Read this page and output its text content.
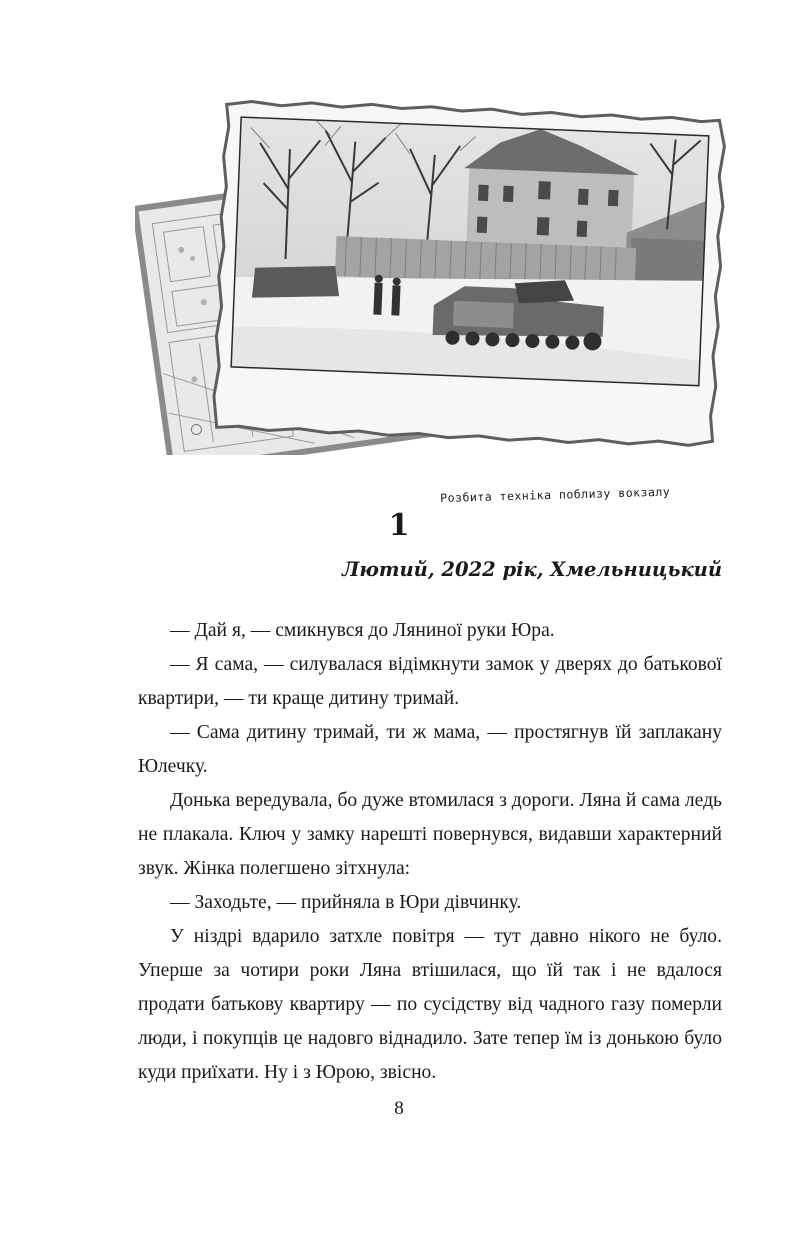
Розбита техніка поблизу вокзалу
1
Лютий, 2022 рік, Хмельницький

— Дай я, — смикнувся до Ляниної руки Юра.

— Я сама, — силувалася відімкнути замок у дверях до батькової квартири, — ти краще дитину тримай.

— Сама дитину тримай, ти ж мама, — простягнув їй заплакану Юлечку.

Донька вередувала, бо дуже втомилася з дороги. Ляна й сама ледь не плакала. Ключ у замку нарешті повернувся, видавши характерний звук. Жінка полегшено зітхнула:

— Заходьте, — прийняла в Юри дівчинку.

У ніздрі вдарило затхле повітря — тут давно нікого не було. Уперше за чотири роки Ляна втішилася, що їй так і не вдалося продати батькову квартиру — по сусідству від чадного газу померли люди, і покупців це надовго віднадило. Зате тепер їм із донькою було куди приїхати. Ну і з Юрою, звісно.

8
